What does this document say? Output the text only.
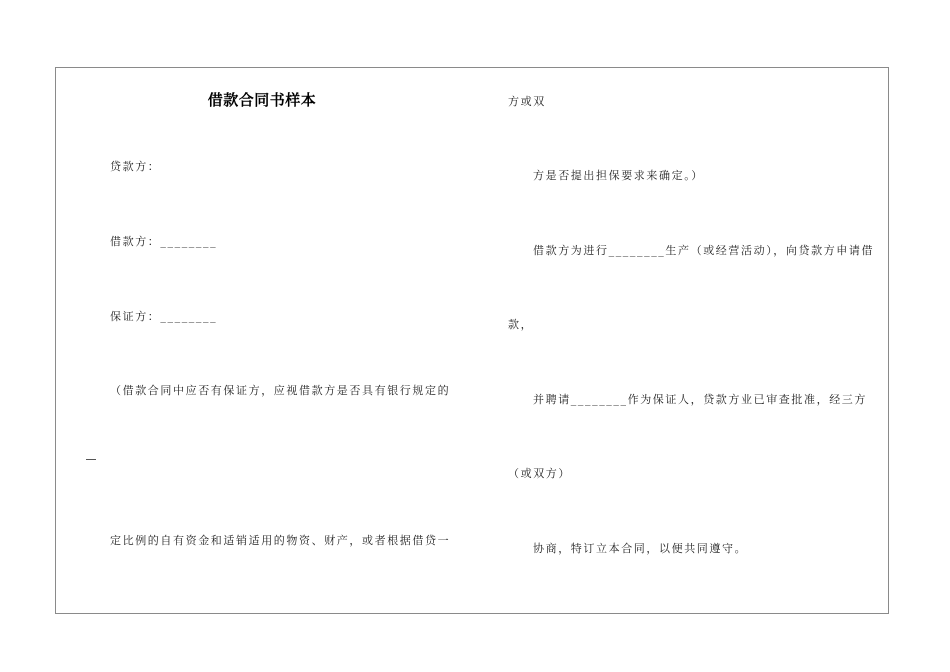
借款合同书样本
贷款方：
借款方：________
保证方：________
（借款合同中应否有保证方，应视借款方是否具有银行规定的
定比例的自有资金和适销适用的物资、财产，或者根据借贷一
方或双
方是否提出担保要求来确定。）
借款方为进行________生产（或经营活动），向贷款方申请借
款，
并聘请________作为保证人，贷款方业已审查批准，经三方
（或双方）
协商，特订立本合同，以便共同遵守。
